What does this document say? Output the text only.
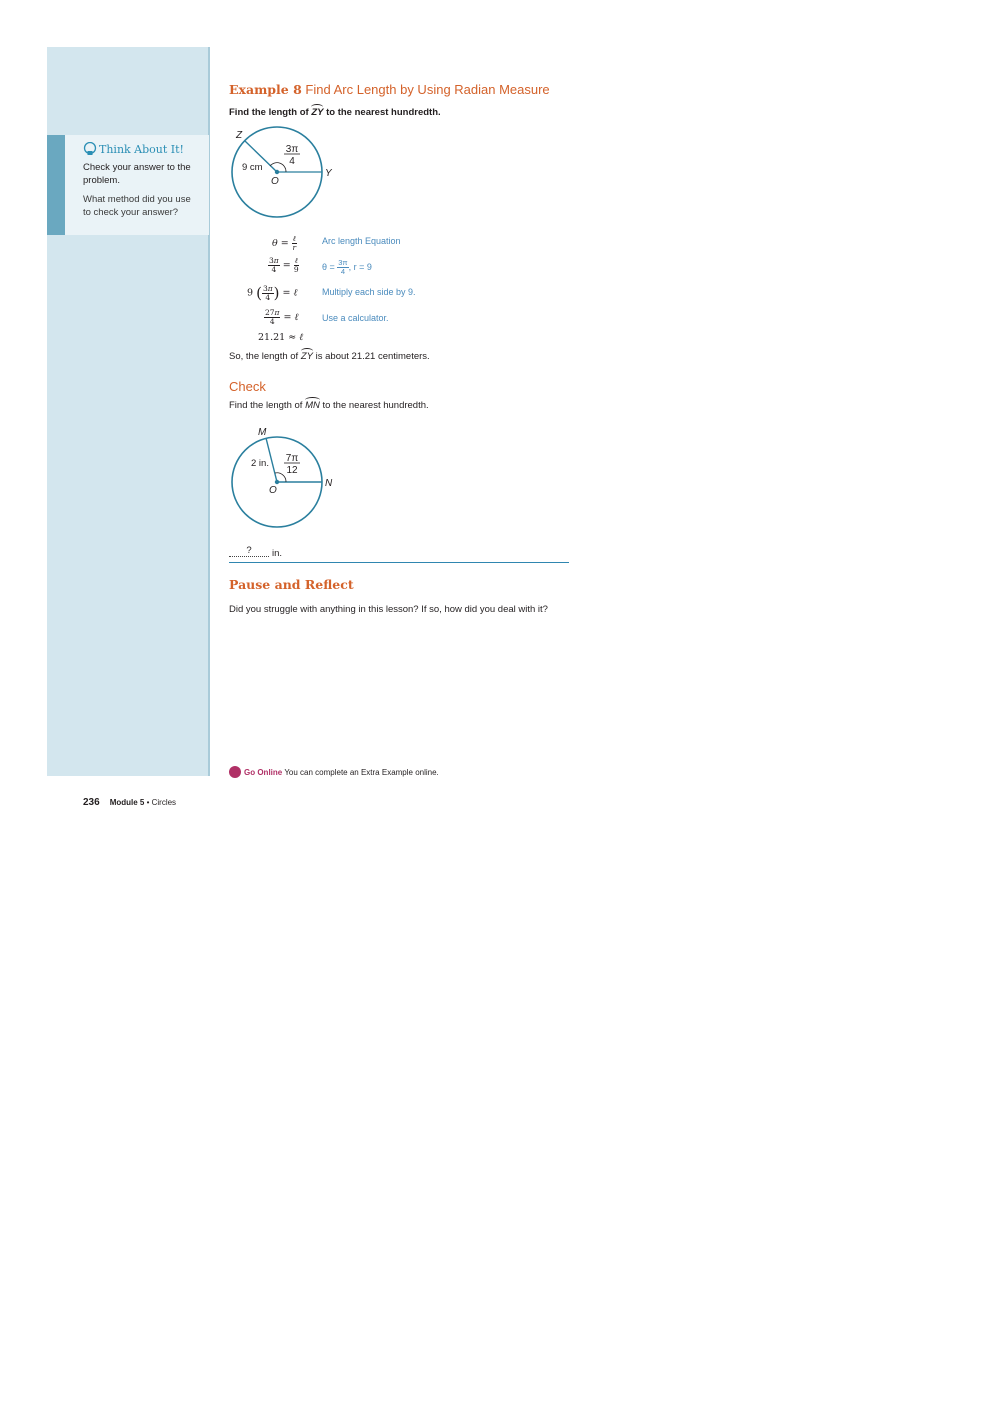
Think About It!
Check your answer to the problem.
What method did you use to check your answer?
Example 8 Find Arc Length by Using Radian Measure
Find the length of ZY to the nearest hundredth.
Z
Y
O
9 cm
3π
4
$\theta = \frac{\text{ℓ}}{r}$	Arc length Equation
$\frac{3\pi}{4} = \frac{\text{ℓ}}{9}$	$\theta = \frac{3\pi}{4}$ , r = 9
9 ( $\frac{3\pi}{4}$ ) = ℓ	Multiply each side by 9.
$\frac{27\pi}{4}$ = ℓ	Use a calculator.
21.21 ≈ ℓ
So, the length of ZY is about 21.21 centimeters.
Check
Find the length of MN to the nearest hundredth.
M
N
O
2 in. 7π
12
?	in.
Pause and Reflect
Did you struggle with anything in this lesson? If so, how did you deal with it?
Go Online You can complete an Extra Example online.
236 Module 5 • Circles
